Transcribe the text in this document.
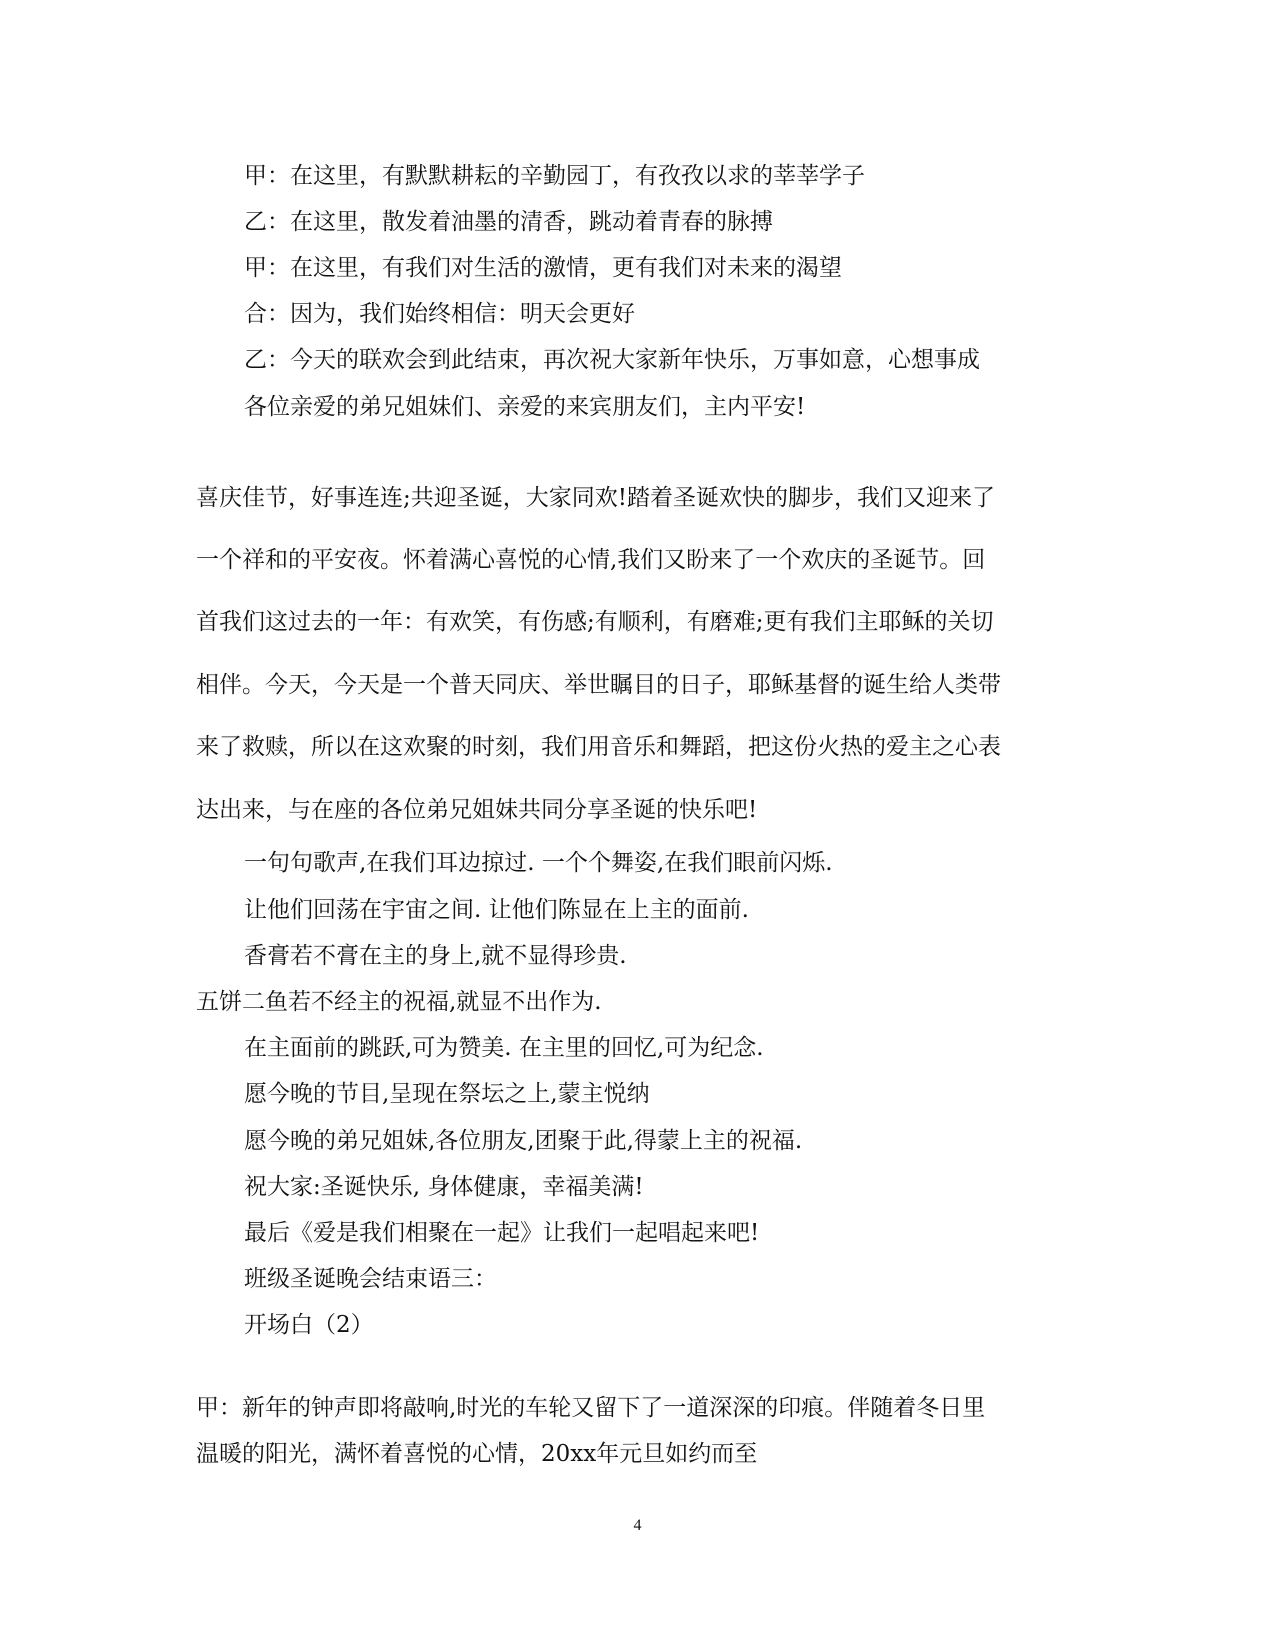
甲：在这里，有默默耕耘的辛勤园丁，有孜孜以求的莘莘学子
乙：在这里，散发着油墨的清香，跳动着青春的脉搏
甲：在这里，有我们对生活的激情，更有我们对未来的渴望
合：因为，我们始终相信：明天会更好
乙：今天的联欢会到此结束，再次祝大家新年快乐，万事如意，心想事成
各位亲爱的弟兄姐妹们、亲爱的来宾朋友们，主内平安!
喜庆佳节，好事连连;共迎圣诞，大家同欢!踏着圣诞欢快的脚步，我们又迎来了
一个祥和的平安夜。怀着满心喜悦的心情,我们又盼来了一个欢庆的圣诞节。回
首我们这过去的一年：有欢笑，有伤感;有顺利，有磨难;更有我们主耶稣的关切
相伴。今天，今天是一个普天同庆、举世瞩目的日子，耶稣基督的诞生给人类带
来了救赎，所以在这欢聚的时刻，我们用音乐和舞蹈，把这份火热的爱主之心表
达出来，与在座的各位弟兄姐妹共同分享圣诞的快乐吧!
一句句歌声,在我们耳边掠过. 一个个舞姿,在我们眼前闪烁.
让他们回荡在宇宙之间. 让他们陈显在上主的面前.
香膏若不膏在主的身上,就不显得珍贵.
五饼二鱼若不经主的祝福,就显不出作为.
在主面前的跳跃,可为赞美. 在主里的回忆,可为纪念.
愿今晚的节目,呈现在祭坛之上,蒙主悦纳
愿今晚的弟兄姐妹,各位朋友,团聚于此,得蒙上主的祝福.
祝大家:圣诞快乐, 身体健康，幸福美满!
最后《爱是我们相聚在一起》让我们一起唱起来吧!
班级圣诞晚会结束语三：
开场白（2）
甲：新年的钟声即将敲响,时光的车轮又留下了一道深深的印痕。伴随着冬日里
温暖的阳光，满怀着喜悦的心情，20xx年元旦如约而至
4
